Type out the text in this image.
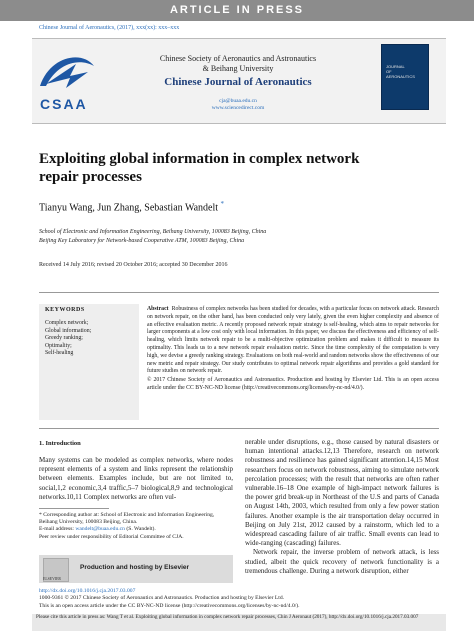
ARTICLE IN PRESS
Chinese Journal of Aeronautics, (2017), xxx(xx): xxx–xxx
CSAA
Chinese Society of Aeronautics and Astronautics
& Beihang University
Chinese Journal of Aeronautics
cja@buaa.edu.cn
www.sciencedirect.com
JOURNAL
OF
AERONAUTICS
Exploiting global information in complex network
repair processes
Tianyu Wang, Jun Zhang, Sebastian Wandelt *
School of Electronic and Information Engineering, Beihang University, 100083 Beijing, China
Beijing Key Laboratory for Network-based Cooperative ATM, 100083 Beijing, China
Received 14 July 2016; revised 20 October 2016; accepted 30 December 2016
KEYWORDS
Complex network;
Global information;
Greedy ranking;
Optimality;
Self-healing
Abstract Robustness of complex networks has been studied for decades, with a particular focus on network attack. Research on network repair, on the other hand, has been conducted only very lately, given the even higher complexity and absence of an effective evaluation metric. A recently proposed network repair strategy is self-healing, which aims to repair networks for larger components at a low cost only with local information. In this paper, we discuss the effectiveness and efficiency of self-healing, which limits network repair to be a multi-objective optimization problem and makes it difficult to measure its optimality. This leads us to a new network repair evaluation metric. Since the time complexity of the computation is very high, we devise a greedy ranking strategy. Evaluations on both real-world and random networks show the effectiveness of our new metric and repair strategy. Our study contributes to optimal network repair algorithms and provides a gold standard for future studies on network repair.
© 2017 Chinese Society of Aeronautics and Astronautics. Production and hosting by Elsevier Ltd. This is an open access article under the CC BY-NC-ND license (http://creativecommons.org/licenses/by-nc-nd/4.0/).
1. Introduction
Many systems can be modeled as complex networks, where nodes represent elements of a system and links represent the relationship between elements. Examples include, but are not limited to, social,1,2 economic,3,4 traffic,5–7 biological,8,9 and technological networks.10,11 Complex networks are often vul-
nerable under disruptions, e.g., those caused by natural disasters or human intentional attacks.12,13 Therefore, research on network robustness and resilience has gained significant attention.14,15 Most researchers focus on network robustness, aiming to simulate network percolation processes; with the result that networks are often rather vulnerable.16–18 One example of high-impact network failures is the power grid break-up in Northeast of the U.S and parts of Canada on August 14th, 2003, which resulted from only a few power station failures. Another example is the air transportation delay occurred in Beijing on July 21st, 2012 caused by a rainstorm, which led to a widespread cascading failure of air traffic. Small events can lead to wide-ranging (cascading) failures.
Network repair, the inverse problem of network attack, is less studied, albeit the quick recovery of network functionality is a tremendous challenge. During a network disruption, either
* Corresponding author at: School of Electronic and Information Engineering, Beihang University, 100083 Beijing, China.
E-mail address: wandelt@buaa.edu.cn (S. Wandelt).
Peer review under responsibility of Editorial Committee of CJA.
ELSEVIER
Production and hosting by Elsevier
http://dx.doi.org/10.1016/j.cja.2017.03.007
1000-9361 © 2017 Chinese Society of Aeronautics and Astronautics. Production and hosting by Elsevier Ltd.
This is an open access article under the CC BY-NC-ND license (http://creativecommons.org/licenses/by-nc-nd/4.0/).
Please cite this article in press as: Wang T et al. Exploiting global information in complex network repair processes, Chin J Aeronaut (2017), http://dx.doi.org/10.1016/j.cja.2017.03.007
